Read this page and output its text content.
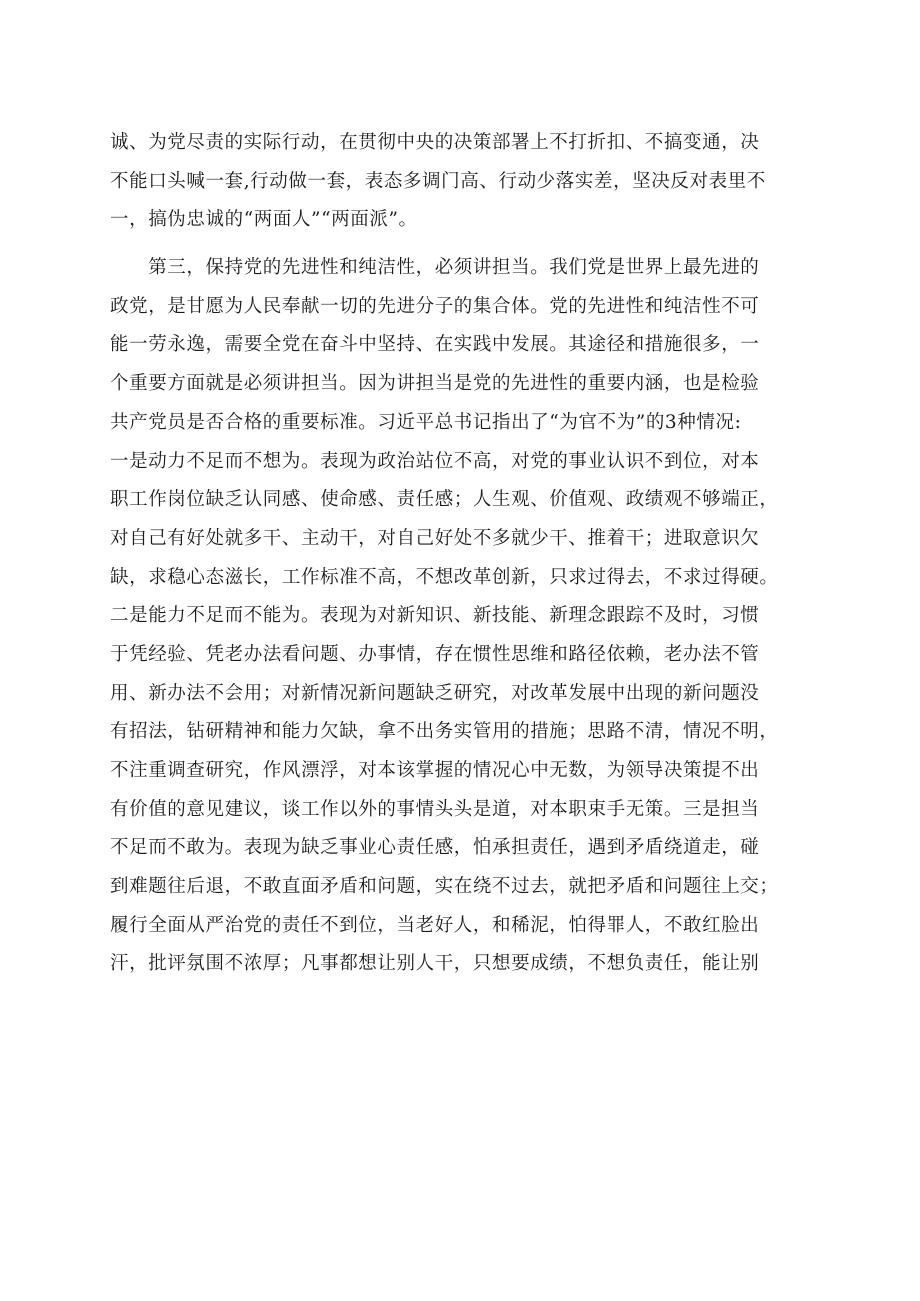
诚、为党尽责的实际行动，在贯彻中央的决策部署上不打折扣、不搞变通，决
不能口头喊一套,行动做一套，表态多调门高、行动少落实差，坚决反对表里不
一，搞伪忠诚的“两面人”“两面派”。
　　第三，保持党的先进性和纯洁性，必须讲担当。我们党是世界上最先进的
政党，是甘愿为人民奉献一切的先进分子的集合体。党的先进性和纯洁性不可
能一劳永逸，需要全党在奋斗中坚持、在实践中发展。其途径和措施很多，一
个重要方面就是必须讲担当。因为讲担当是党的先进性的重要内涵，也是检验
共产党员是否合格的重要标准。习近平总书记指出了“为官不为”的3种情况:
一是动力不足而不想为。表现为政治站位不高，对党的事业认识不到位，对本
职工作岗位缺乏认同感、使命感、责任感；人生观、价值观、政绩观不够端正，
对自己有好处就多干、主动干，对自己好处不多就少干、推着干；进取意识欠
缺，求稳心态滋长，工作标准不高，不想改革创新，只求过得去，不求过得硬。
二是能力不足而不能为。表现为对新知识、新技能、新理念跟踪不及时，习惯
于凭经验、凭老办法看问题、办事情，存在惯性思维和路径依赖，老办法不管
用、新办法不会用；对新情况新问题缺乏研究，对改革发展中出现的新问题没
有招法，钻研精神和能力欠缺，拿不出务实管用的措施；思路不清，情况不明，
不注重调查研究，作风漂浮，对本该掌握的情况心中无数，为领导决策提不出
有价值的意见建议，谈工作以外的事情头头是道，对本职束手无策。三是担当
不足而不敢为。表现为缺乏事业心责任感，怕承担责任，遇到矛盾绕道走，碰
到难题往后退，不敢直面矛盾和问题，实在绕不过去，就把矛盾和问题往上交；
履行全面从严治党的责任不到位，当老好人，和稀泥，怕得罪人，不敢红脸出
汗，批评氛围不浓厚；凡事都想让别人干，只想要成绩，不想负责任，能让别
